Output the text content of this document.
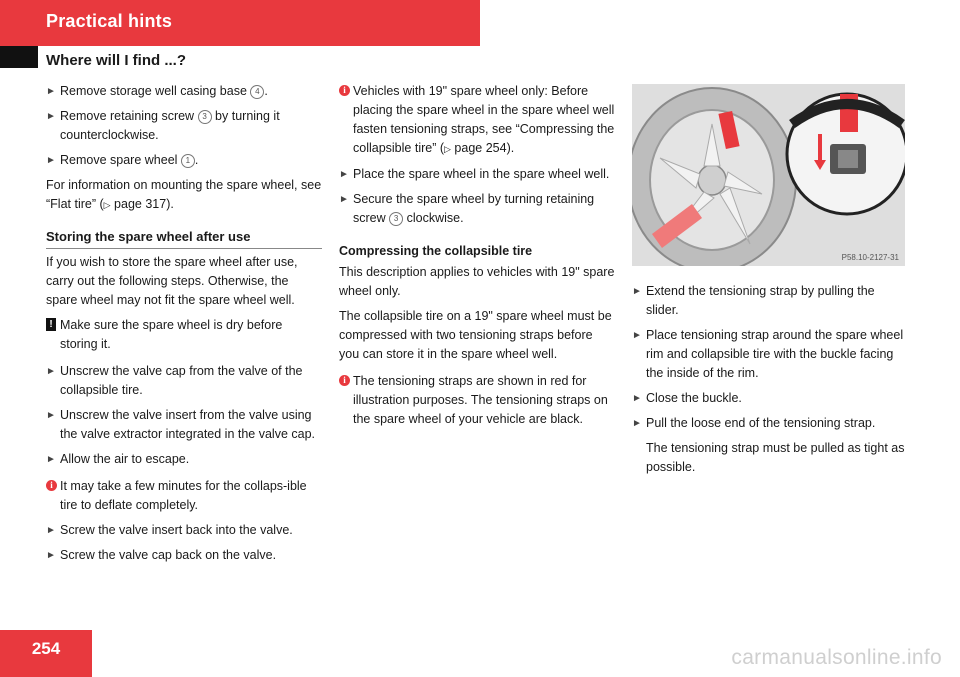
Practical hints
Where will I find ...?
► Remove storage well casing base 4 .
► Remove retaining screw 3 by turning it counterclockwise.
► Remove spare wheel 1 .
For information on mounting the spare wheel, see “Flat tire” (▷ page 317).
Storing the spare wheel after use
If you wish to store the spare wheel after use, carry out the following steps. Otherwise, the spare wheel may not fit the spare wheel well.
! Make sure the spare wheel is dry before storing it.
► Unscrew the valve cap from the valve of the collapsible tire.
► Unscrew the valve insert from the valve using the valve extractor integrated in the valve cap.
► Allow the air to escape.
i It may take a few minutes for the collaps-ible tire to deflate completely.
► Screw the valve insert back into the valve.
► Screw the valve cap back on the valve.
i Vehicles with 19" spare wheel only: Before placing the spare wheel in the spare wheel well fasten tensioning straps, see “Compressing the collapsible tire” (▷ page 254).
► Place the spare wheel in the spare wheel well.
► Secure the spare wheel by turning retaining screw 3 clockwise.
Compressing the collapsible tire
This description applies to vehicles with 19" spare wheel only.
The collapsible tire on a 19" spare wheel must be compressed with two tensioning straps before you can store it in the spare wheel well.
i The tensioning straps are shown in red for illustration purposes. The tensioning straps on the spare wheel of your vehicle are black.
P58.10-2127-31
► Extend the tensioning strap by pulling the slider.
► Place tensioning strap around the spare wheel rim and collapsible tire with the buckle facing the inside of the rim.
► Close the buckle.
► Pull the loose end of the tensioning strap.
The tensioning strap must be pulled as tight as possible.
254	carmanualsonline.info
